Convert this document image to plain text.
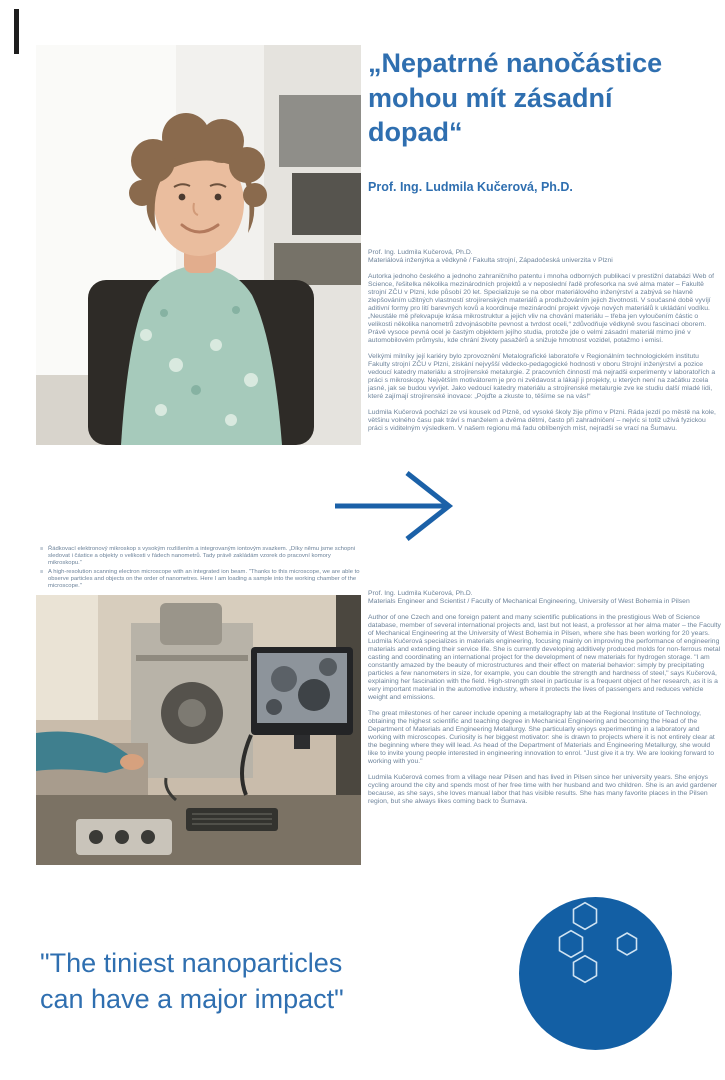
„Nepatrné nanočástice mohou mít zásadní dopad“
Prof. Ing. Ludmila Kučerová, Ph.D.
Prof. Ing. Ludmila Kučerová, Ph.D.
Materiálová inženýrka a vědkyně / Fakulta strojní, Západočeská univerzita v Plzni

Autorka jednoho českého a jednoho zahraničního patentu i mnoha odborných publikací v prestižní databázi Web of Science, řešitelka několika mezinárodních projektů a v neposlední řadě profesorka na své alma mater – Fakultě strojní ZČU v Plzni, kde působí 20 let. Specializuje se na obor materiálového inženýrství a zabývá se hlavně zlepšováním užitných vlastností strojírenských materiálů a prodlužováním jejich životnosti. V současné době vyvíjí aditivní formy pro lití barevných kovů a koordinuje mezinárodní projekt vývoje nových materiálů k ukládání vodíku. „Neustále mě překvapuje krása mikrostruktur a jejich vliv na chování materiálu – třeba jen vyloučením částic o velikosti několika nanometrů zdvojnásobíte pevnost a tvrdost oceli,“ zdůvodňuje vědkyně svou fascinaci oborem. Právě vysoce pevná ocel je častým objektem jejího studia, protože jde o velmi zásadní materiál mimo jiné v automobilovém průmyslu, kde chrání životy pasažérů a snižuje hmotnost vozidel, potažmo i emisí.

Velkými milníky její kariéry bylo zprovoznění Metalografické laboratoře v Regionálním technologickém institutu Fakulty strojní ZČU v Plzni, získání nejvyšší vědecko-pedagogické hodnosti v oboru Strojní inženýrství a pozice vedoucí katedry materiálu a strojírenské metalurgie. Z pracovních činností má nejradši experimenty v laboratořích a práci s mikroskopy. Největším motivátorem je pro ni zvědavost a lákají ji projekty, u kterých není na začátku zcela jasné, jak se budou vyvíjet. Jako vedoucí katedry materiálu a strojírenské metalurgie zve ke studiu další mladé lidi, které zajímají strojírenské inovace: „Pojďte a zkuste to, těšíme se na vás!“

Ludmila Kučerová pochází ze vsi kousek od Plzně, od vysoké školy žije přímo v Plzni. Ráda jezdí po městě na kole, většinu volného času pak tráví s manželem a dvěma dětmi, často při zahradničení – nejvíc si totiž užívá fyzickou práci s viditelným výsledkem. V našem regionu má řadu oblíbených míst, nejradši se vrací na Šumavu.

≡ Řádkovací elektronový mikroskop s vysokým rozlišením a integrovaným iontovým svazkem. „Díky němu jsme schopni sledovat i částice a objekty o velikosti v řádech nanometrů. Tady právě zakládám vzorek do pracovní komory mikroskopu.“
≡ A high-resolution scanning electron microscope with an integrated ion beam. "Thanks to this microscope, we are able to observe particles and objects on the order of nanometres. Here I am loading a sample into the working chamber of the microscope."
Prof. Ing. Ludmila Kučerová, Ph.D.
Materials Engineer and Scientist / Faculty of Mechanical Engineering, University of West Bohemia in Pilsen

Author of one Czech and one foreign patent and many scientific publications in the prestigious Web of Science database, member of several international projects and, last but not least, a professor at her alma mater – the Faculty of Mechanical Engineering at the University of West Bohemia in Pilsen, where she has been working for 20 years. Ludmila Kučerová specializes in materials engineering, focusing mainly on improving the performance of engineering materials and extending their service life. She is currently developing additively produced molds for non-ferrous metal casting and coordinating an international project for the development of new materials for hydrogen storage. "I am constantly amazed by the beauty of microstructures and their effect on material behavior: simply by precipitating particles a few nanometers in size, for example, you can double the strength and hardness of steel," says Kučerová, explaining her fascination with the field. High-strength steel in particular is a frequent object of her research, as it is a very important material in the automotive industry, where it protects the lives of passengers and reduces vehicle weight and emissions.

The great milestones of her career include opening a metallography lab at the Regional Institute of Technology, obtaining the highest scientific and teaching degree in Mechanical Engineering and becoming the Head of the Department of Materials and Engineering Metallurgy. She particularly enjoys experimenting in a laboratory and working with microscopes. Curiosity is her biggest motivator: she is drawn to projects where it is not entirely clear at the beginning where they will lead. As head of the Department of Materials and Engineering Metallurgy, she would like to invite young people interested in engineering innovation to enrol. "Just give it a try. We are looking forward to working with you."

Ludmila Kučerová comes from a village near Pilsen and has lived in Pilsen since her university years. She enjoys cycling around the city and spends most of her free time with her husband and two children. She is an avid gardener because, as she says, she loves manual labor that has visible results. She has many favorite places in the Pilsen region, but she always likes coming back to Šumava.

"The tiniest nanoparticles can have a major impact"
